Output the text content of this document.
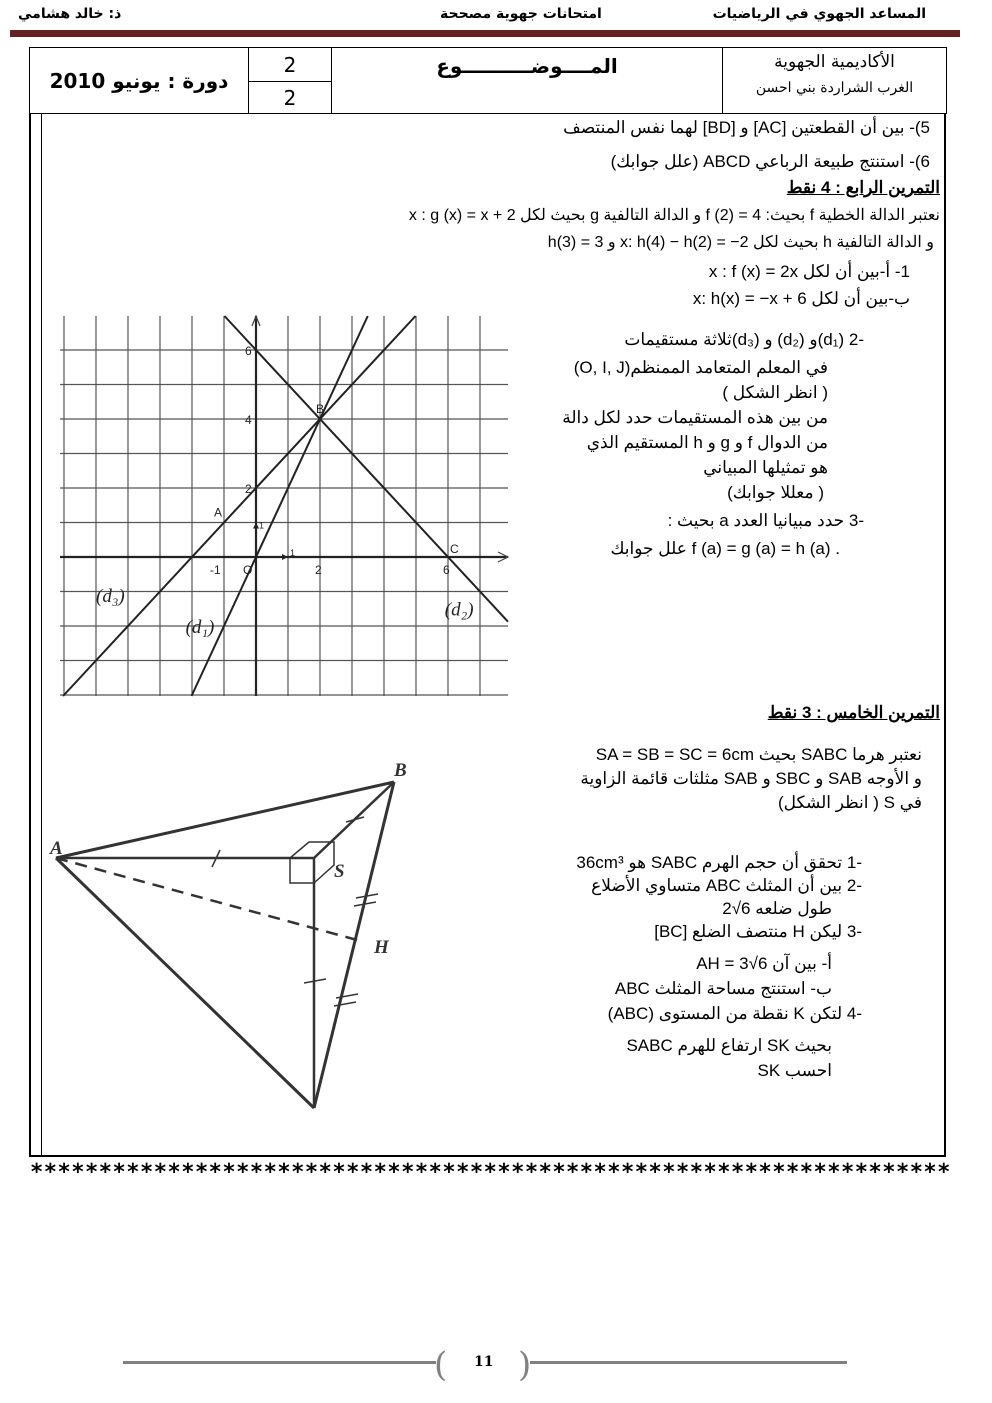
المساعد الجهوي في الرياضيات
امتحانات جهوية مصححة
ذ: خالد هشامي
دورة : يونيو 2010	2	المــــوضــــــــــوع	الأكاديمية الجهوية
الغرب الشراردة بني احسن

2
5)- بين أن القطعتين [AC] و [BD] لهما نفس المنتصف
6)- استنتج طبيعة الرباعي ABCD (علل جوابك)
التمرين الرابع : 4 نقط
نعتبر الدالة الخطية f بحيث: f (2) = 4 و الدالة التالفية g بحيث لكل x : g (x) = x + 2
و الدالة التالفية h بحيث لكل x: h(4) − h(2) = −2 و h(3) = 3
1- أ-بين أن لكل x : f (x) = 2x
ب-بين أن لكل x: h(x) = −x + 6
-2 (d₁)و (d₂) و (d₃)ثلاثة مستقيمات
في المعلم المتعامد الممنظم(O, I, J)
( انظر الشكل )
من بين هذه المستقيمات حدد لكل دالة
من الدوال f و g و h المستقيم الذي
هو تمثيلها المبياني
( معللا جوابك)
-3 حدد مبيانيا العدد a بحيث :
. f (a) = g (a) = h (a) علل جوابك
-1
1
2	6
1
2
4
6
O
A
B
C
(d₁)
(d₂)
(d₃)
التمرين الخامس : 3 نقط
نعتبر هرما SABC بحيث SA = SB = SC = 6cm
و الأوجه SAB و SBC و SAB مثلثات قائمة الزاوية
في S ( انظر الشكل)
-1 تحقق أن حجم الهرم SABC هو 36cm³
-2 بين أن المثلث ABC متساوي الأضلاع
طول ضلعه 6√2
-3 ليكن H منتصف الضلع [BC]
أ- بين آن AH = 3√6
ب- استنتج مساحة المثلث ABC
-4 لتكن K نقطة من المستوى (ABC)
بحيث SK ارتفاع للهرم SABC
احسب SK
A
B
S
H
*******************************************************************
( )
11
